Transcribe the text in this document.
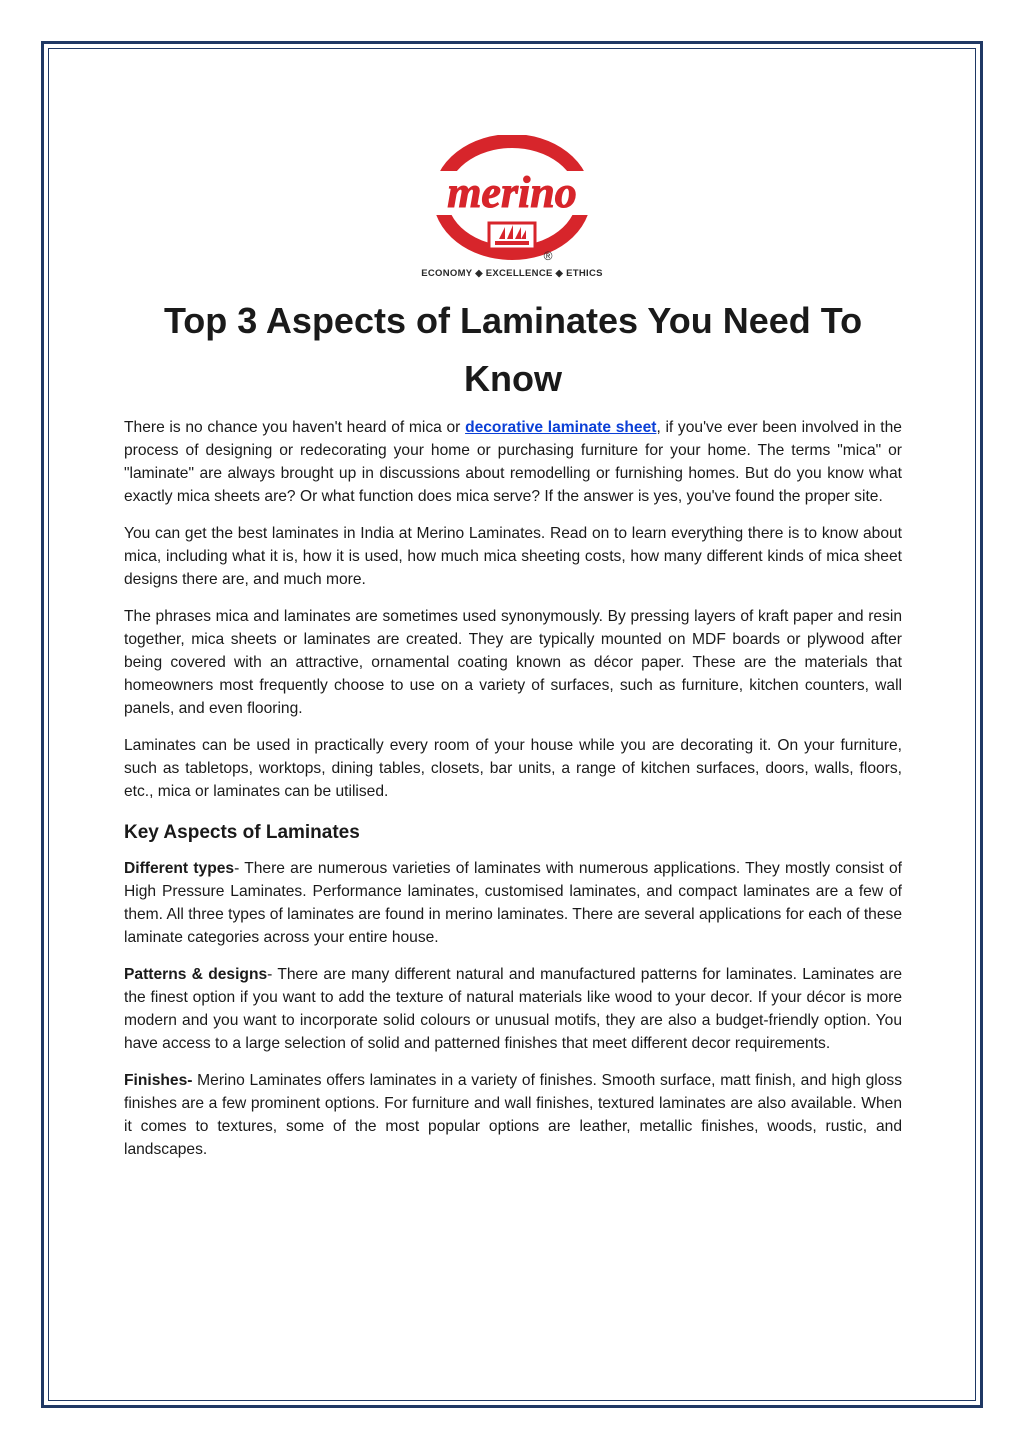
merino
®
ECONOMY ◆ EXCELLENCE ◆ ETHICS
Top 3 Aspects of Laminates You Need To Know

There is no chance you haven't heard of mica or decorative laminate sheet, if you've ever been involved in the process of designing or redecorating your home or purchasing furniture for your home. The terms "mica" or "laminate" are always brought up in discussions about remodelling or furnishing homes. But do you know what exactly mica sheets are? Or what function does mica serve? If the answer is yes, you've found the proper site.

You can get the best laminates in India at Merino Laminates. Read on to learn everything there is to know about mica, including what it is, how it is used, how much mica sheeting costs, how many different kinds of mica sheet designs there are, and much more.

The phrases mica and laminates are sometimes used synonymously. By pressing layers of kraft paper and resin together, mica sheets or laminates are created. They are typically mounted on MDF boards or plywood after being covered with an attractive, ornamental coating known as décor paper. These are the materials that homeowners most frequently choose to use on a variety of surfaces, such as furniture, kitchen counters, wall panels, and even flooring.

Laminates can be used in practically every room of your house while you are decorating it. On your furniture, such as tabletops, worktops, dining tables, closets, bar units, a range of kitchen surfaces, doors, walls, floors, etc., mica or laminates can be utilised.

Key Aspects of Laminates

Different types- There are numerous varieties of laminates with numerous applications. They mostly consist of High Pressure Laminates. Performance laminates, customised laminates, and compact laminates are a few of them. All three types of laminates are found in merino laminates. There are several applications for each of these laminate categories across your entire house.

Patterns & designs- There are many different natural and manufactured patterns for laminates. Laminates are the finest option if you want to add the texture of natural materials like wood to your decor. If your décor is more modern and you want to incorporate solid colours or unusual motifs, they are also a budget-friendly option. You have access to a large selection of solid and patterned finishes that meet different decor requirements.

Finishes- Merino Laminates offers laminates in a variety of finishes. Smooth surface, matt finish, and high gloss finishes are a few prominent options. For furniture and wall finishes, textured laminates are also available. When it comes to textures, some of the most popular options are leather, metallic finishes, woods, rustic, and landscapes.
